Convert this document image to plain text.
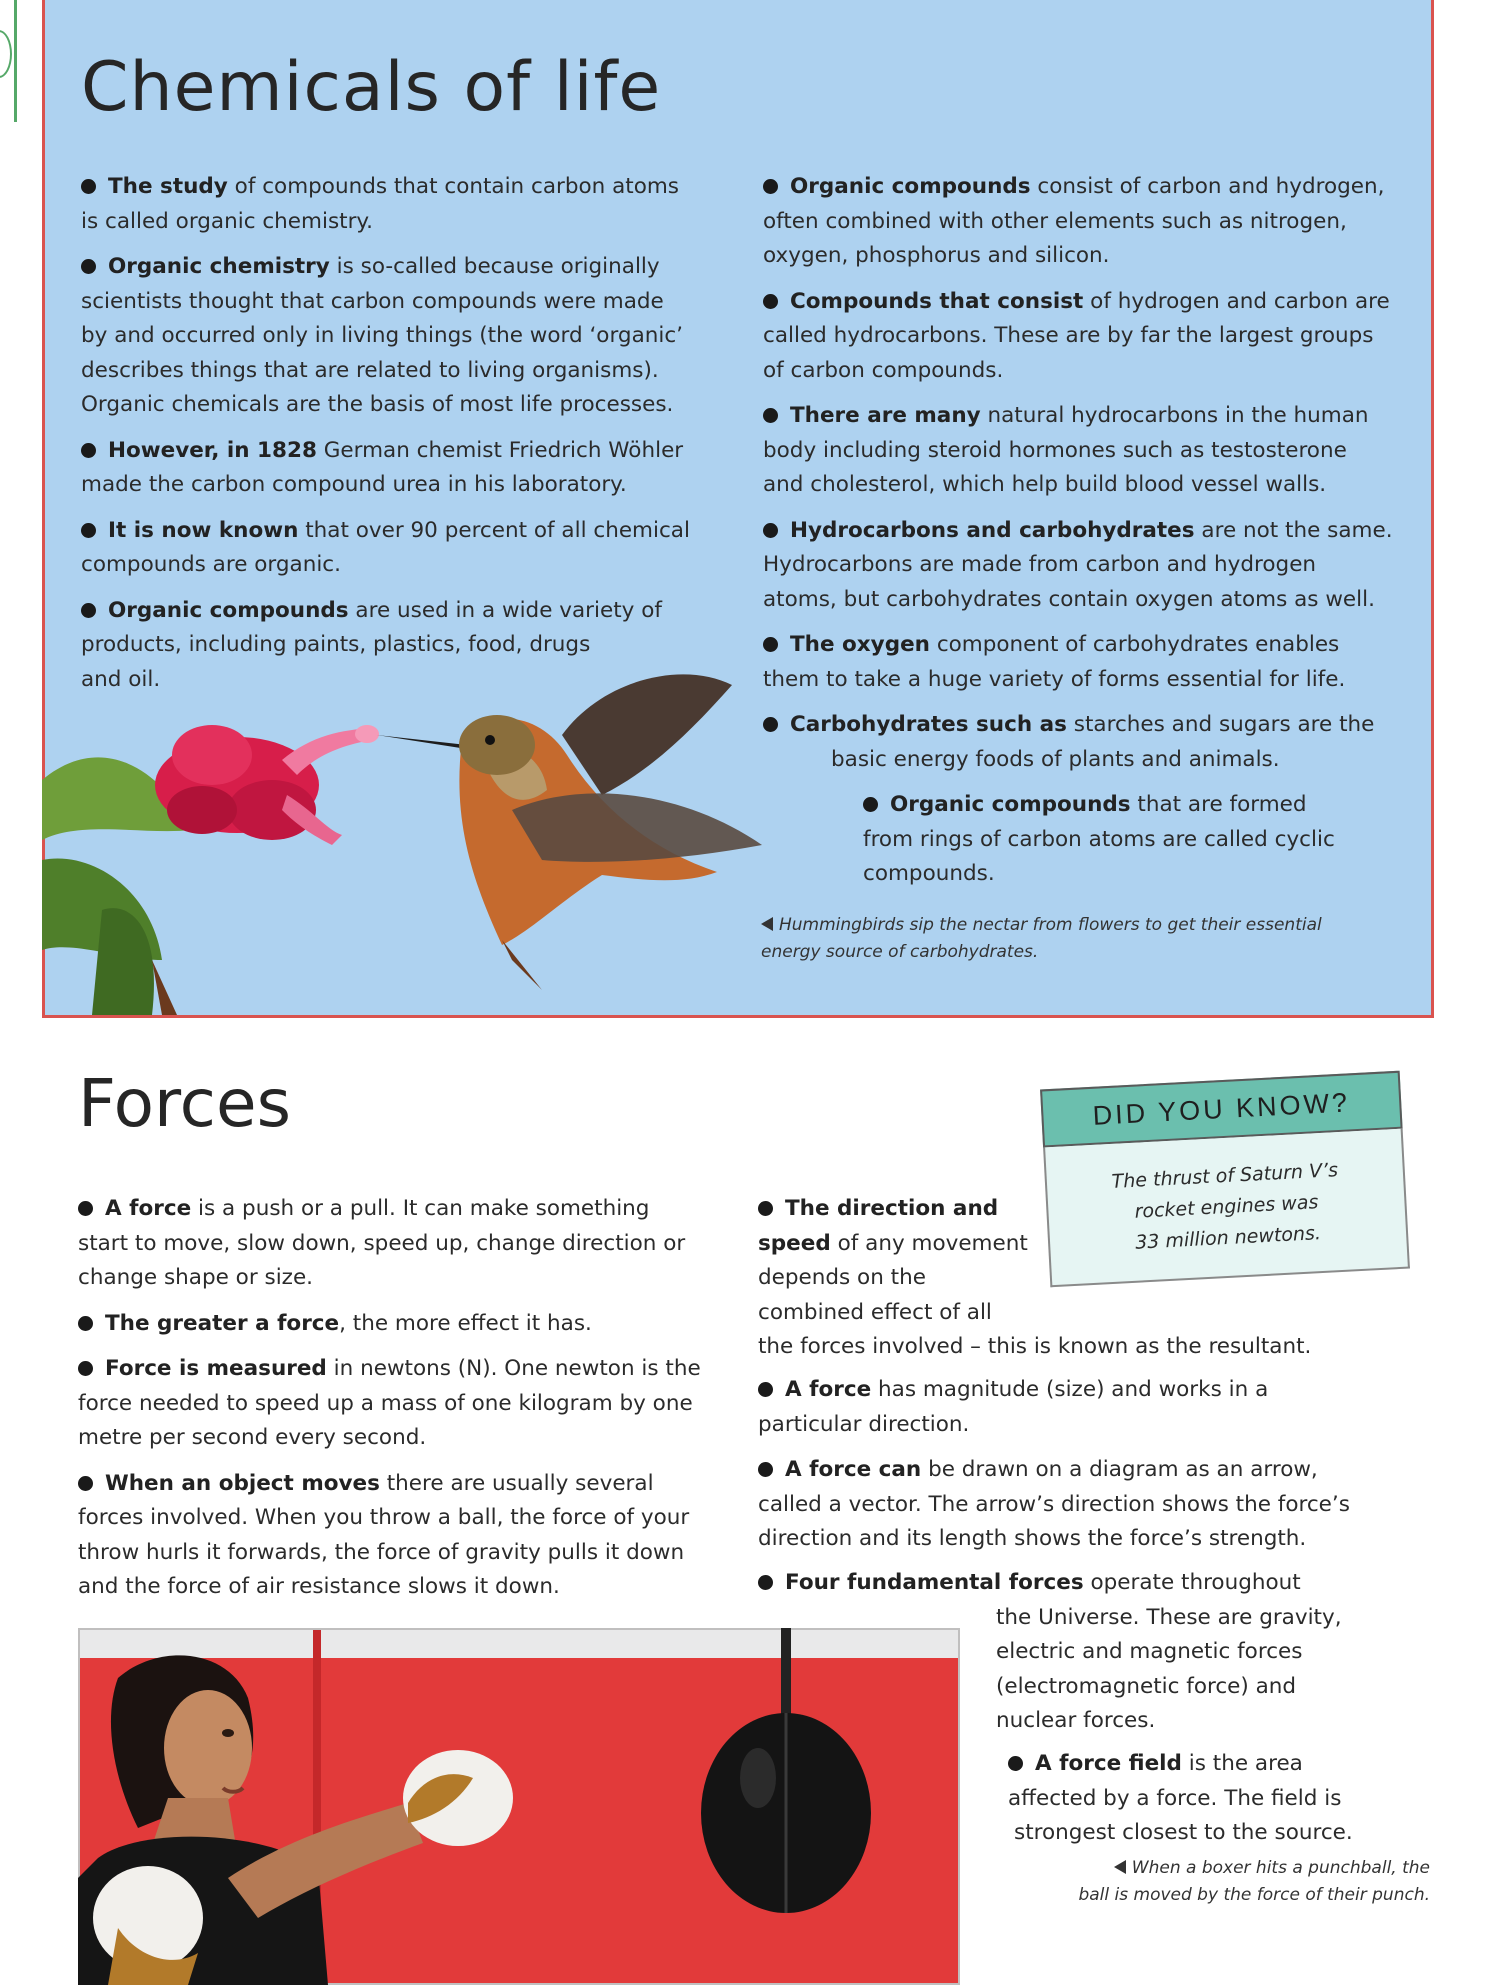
Chemicals of life

The study of compounds that contain carbon atoms
is called organic chemistry.

Organic chemistry is so-called because originally
scientists thought that carbon compounds were made
by and occurred only in living things (the word ‘organic’
describes things that are related to living organisms).
Organic chemicals are the basis of most life processes.

However, in 1828 German chemist Friedrich Wöhler
made the carbon compound urea in his laboratory.

It is now known that over 90 percent of all chemical
compounds are organic.

Organic compounds are used in a wide variety of
products, including paints, plastics, food, drugs
and oil.

Organic compounds consist of carbon and hydrogen,
often combined with other elements such as nitrogen,
oxygen, phosphorus and silicon.

Compounds that consist of hydrogen and carbon are
called hydrocarbons. These are by far the largest groups
of carbon compounds.

There are many natural hydrocarbons in the human
body including steroid hormones such as testosterone
and cholesterol, which help build blood vessel walls.

Hydrocarbons and carbohydrates are not the same.
Hydrocarbons are made from carbon and hydrogen
atoms, but carbohydrates contain oxygen atoms as well.

The oxygen component of carbohydrates enables
them to take a huge variety of forms essential for life.

Carbohydrates such as starches and sugars are the
basic energy foods of plants and animals.

Organic compounds that are formed
from rings of carbon atoms are called cyclic
compounds.

Hummingbirds sip the nectar from flowers to get their essential
energy source of carbohydrates.

Forces	DID YOU KNOW?

The thrust of Saturn V’s
rocket engines was
33 million newtons.

A force is a push or a pull. It can make something
start to move, slow down, speed up, change direction or
change shape or size.

The greater a force, the more effect it has.

Force is measured in newtons (N). One newton is the
force needed to speed up a mass of one kilogram by one
metre per second every second.

When an object moves there are usually several
forces involved. When you throw a ball, the force of your
throw hurls it forwards, the force of gravity pulls it down
and the force of air resistance slows it down.

The direction and
speed of any movement
depends on the
combined effect of all
the forces involved – this is known as the resultant.

A force has magnitude (size) and works in a
particular direction.

A force can be drawn on a diagram as an arrow,
called a vector. The arrow’s direction shows the force’s
direction and its length shows the force’s strength.

Four fundamental forces operate throughout
the Universe. These are gravity,
electric and magnetic forces
(electromagnetic force) and
nuclear forces.

A force field is the area
affected by a force. The field is
strongest closest to the source.

When a boxer hits a punchball, the
ball is moved by the force of their punch.
